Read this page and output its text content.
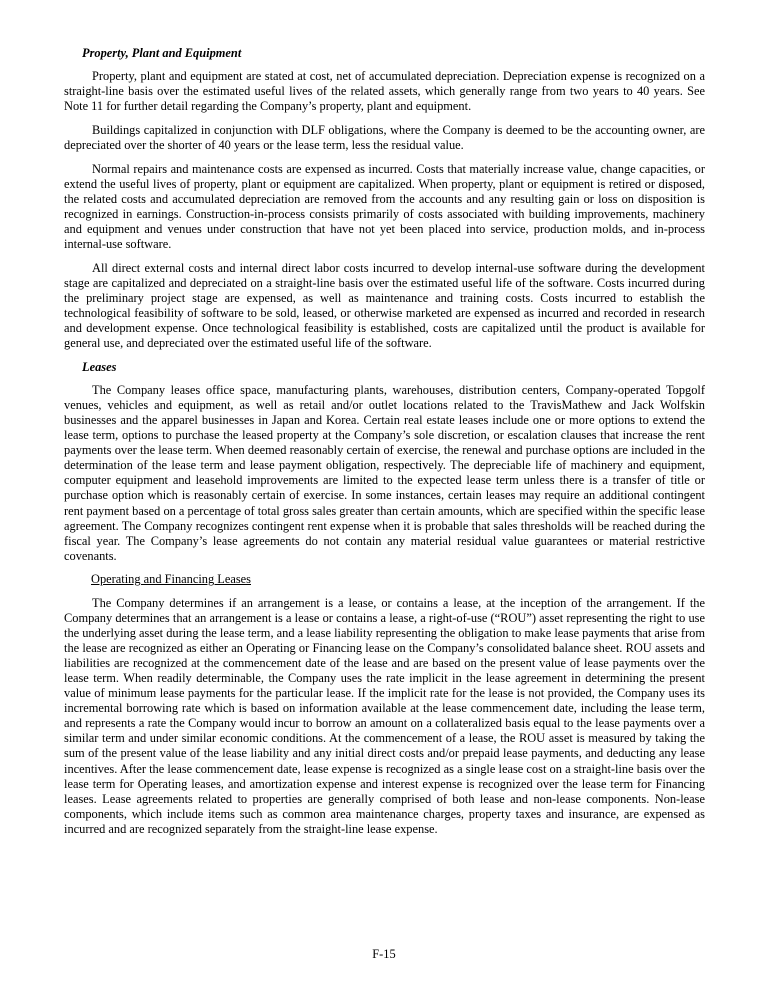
Property, Plant and Equipment

Property, plant and equipment are stated at cost, net of accumulated depreciation. Depreciation expense is recognized on a straight-line basis over the estimated useful lives of the related assets, which generally range from two years to 40 years. See Note 11 for further detail regarding the Company’s property, plant and equipment.

Buildings capitalized in conjunction with DLF obligations, where the Company is deemed to be the accounting owner, are depreciated over the shorter of 40 years or the lease term, less the residual value.

Normal repairs and maintenance costs are expensed as incurred. Costs that materially increase value, change capacities, or extend the useful lives of property, plant or equipment are capitalized. When property, plant or equipment is retired or disposed, the related costs and accumulated depreciation are removed from the accounts and any resulting gain or loss on disposition is recognized in earnings. Construction-in-process consists primarily of costs associated with building improvements, machinery and equipment and venues under construction that have not yet been placed into service, production molds, and in-process internal-use software.

All direct external costs and internal direct labor costs incurred to develop internal-use software during the development stage are capitalized and depreciated on a straight-line basis over the estimated useful life of the software. Costs incurred during the preliminary project stage are expensed, as well as maintenance and training costs. Costs incurred to establish the technological feasibility of software to be sold, leased, or otherwise marketed are expensed as incurred and recorded in research and development expense. Once technological feasibility is established, costs are capitalized until the product is available for general use, and depreciated over the estimated useful life of the software.

Leases

The Company leases office space, manufacturing plants, warehouses, distribution centers, Company-operated Topgolf venues, vehicles and equipment, as well as retail and/or outlet locations related to the TravisMathew and Jack Wolfskin businesses and the apparel businesses in Japan and Korea. Certain real estate leases include one or more options to extend the lease term, options to purchase the leased property at the Company’s sole discretion, or escalation clauses that increase the rent payments over the lease term. When deemed reasonably certain of exercise, the renewal and purchase options are included in the determination of the lease term and lease payment obligation, respectively. The depreciable life of machinery and equipment, computer equipment and leasehold improvements are limited to the expected lease term unless there is a transfer of title or purchase option which is reasonably certain of exercise. In some instances, certain leases may require an additional contingent rent payment based on a percentage of total gross sales greater than certain amounts, which are specified within the specific lease agreement. The Company recognizes contingent rent expense when it is probable that sales thresholds will be reached during the fiscal year. The Company’s lease agreements do not contain any material residual value guarantees or material restrictive covenants.

Operating and Financing Leases

The Company determines if an arrangement is a lease, or contains a lease, at the inception of the arrangement. If the Company determines that an arrangement is a lease or contains a lease, a right-of-use (“ROU”) asset representing the right to use the underlying asset during the lease term, and a lease liability representing the obligation to make lease payments that arise from the lease are recognized as either an Operating or Financing lease on the Company’s consolidated balance sheet. ROU assets and liabilities are recognized at the commencement date of the lease and are based on the present value of lease payments over the lease term. When readily determinable, the Company uses the rate implicit in the lease agreement in determining the present value of minimum lease payments for the particular lease. If the implicit rate for the lease is not provided, the Company uses its incremental borrowing rate which is based on information available at the lease commencement date, including the lease term, and represents a rate the Company would incur to borrow an amount on a collateralized basis equal to the lease payments over a similar term and under similar economic conditions. At the commencement of a lease, the ROU asset is measured by taking the sum of the present value of the lease liability and any initial direct costs and/or prepaid lease payments, and deducting any lease incentives. After the lease commencement date, lease expense is recognized as a single lease cost on a straight-line basis over the lease term for Operating leases, and amortization expense and interest expense is recognized over the lease term for Financing leases. Lease agreements related to properties are generally comprised of both lease and non-lease components. Non-lease components, which include items such as common area maintenance charges, property taxes and insurance, are expensed as incurred and are recognized separately from the straight-line lease expense.

F-15
